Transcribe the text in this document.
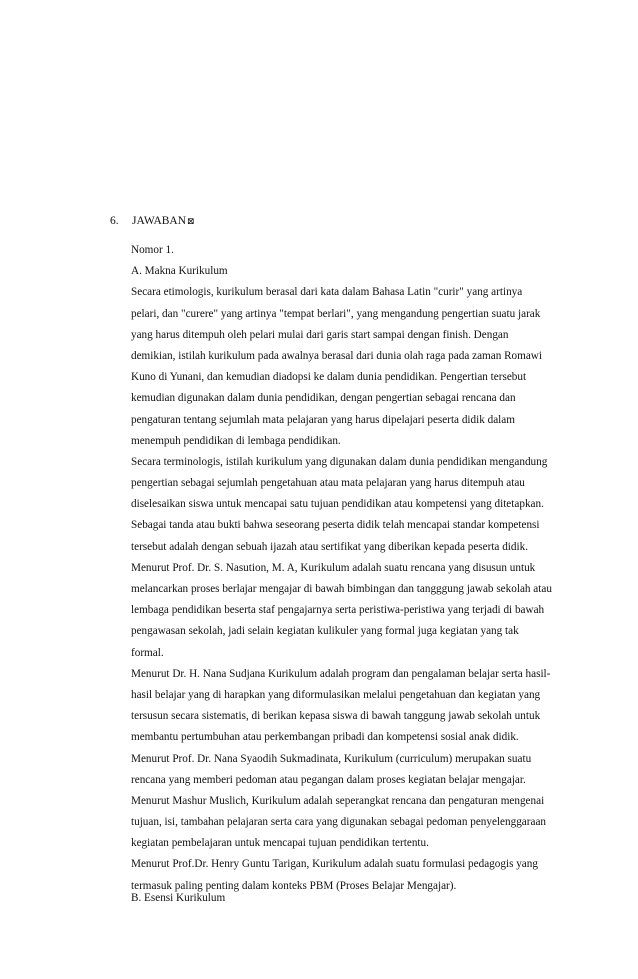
6. JAWABAN⊠
Nomor 1.
A. Makna Kurikulum
Secara etimologis, kurikulum berasal dari kata dalam Bahasa Latin "curir" yang artinya
pelari, dan "curere" yang artinya "tempat berlari", yang mengandung pengertian suatu jarak
yang harus ditempuh oleh pelari mulai dari garis start sampai dengan finish. Dengan
demikian, istilah kurikulum pada awalnya berasal dari dunia olah raga pada zaman Romawi
Kuno di Yunani, dan kemudian diadopsi ke dalam dunia pendidikan. Pengertian tersebut
kemudian digunakan dalam dunia pendidikan, dengan pengertian sebagai rencana dan
pengaturan tentang sejumlah mata pelajaran yang harus dipelajari peserta didik dalam
menempuh pendidikan di lembaga pendidikan.
Secara terminologis, istilah kurikulum yang digunakan dalam dunia pendidikan mengandung
pengertian sebagai sejumlah pengetahuan atau mata pelajaran yang harus ditempuh atau
diselesaikan siswa untuk mencapai satu tujuan pendidikan atau kompetensi yang ditetapkan.
Sebagai tanda atau bukti bahwa seseorang peserta didik telah mencapai standar kompetensi
tersebut adalah dengan sebuah ijazah atau sertifikat yang diberikan kepada peserta didik.
Menurut Prof. Dr. S. Nasution, M. A, Kurikulum adalah suatu rencana yang disusun untuk
melancarkan proses berlajar mengajar di bawah bimbingan dan tangggung jawab sekolah atau
lembaga pendidikan beserta staf pengajarnya serta peristiwa-peristiwa yang terjadi di bawah
pengawasan sekolah, jadi selain kegiatan kulikuler yang formal juga kegiatan yang tak
formal.
Menurut Dr. H. Nana Sudjana Kurikulum adalah program dan pengalaman belajar serta hasil-
hasil belajar yang di harapkan yang diformulasikan melalui pengetahuan dan kegiatan yang
tersusun secara sistematis, di berikan kepasa siswa di bawah tanggung jawab sekolah untuk
membantu pertumbuhan atau perkembangan pribadi dan kompetensi sosial anak didik.
Menurut Prof. Dr. Nana Syaodih Sukmadinata, Kurikulum (curriculum) merupakan suatu
rencana yang memberi pedoman atau pegangan dalam proses kegiatan belajar mengajar.
Menurut Mashur Muslich, Kurikulum adalah seperangkat rencana dan pengaturan mengenai
tujuan, isi, tambahan pelajaran serta cara yang digunakan sebagai pedoman penyelenggaraan
kegiatan pembelajaran untuk mencapai tujuan pendidikan tertentu.
Menurut Prof.Dr. Henry Guntu Tarigan, Kurikulum adalah suatu formulasi pedagogis yang
termasuk paling penting dalam konteks PBM (Proses Belajar Mengajar).
B. Esensi Kurikulum
